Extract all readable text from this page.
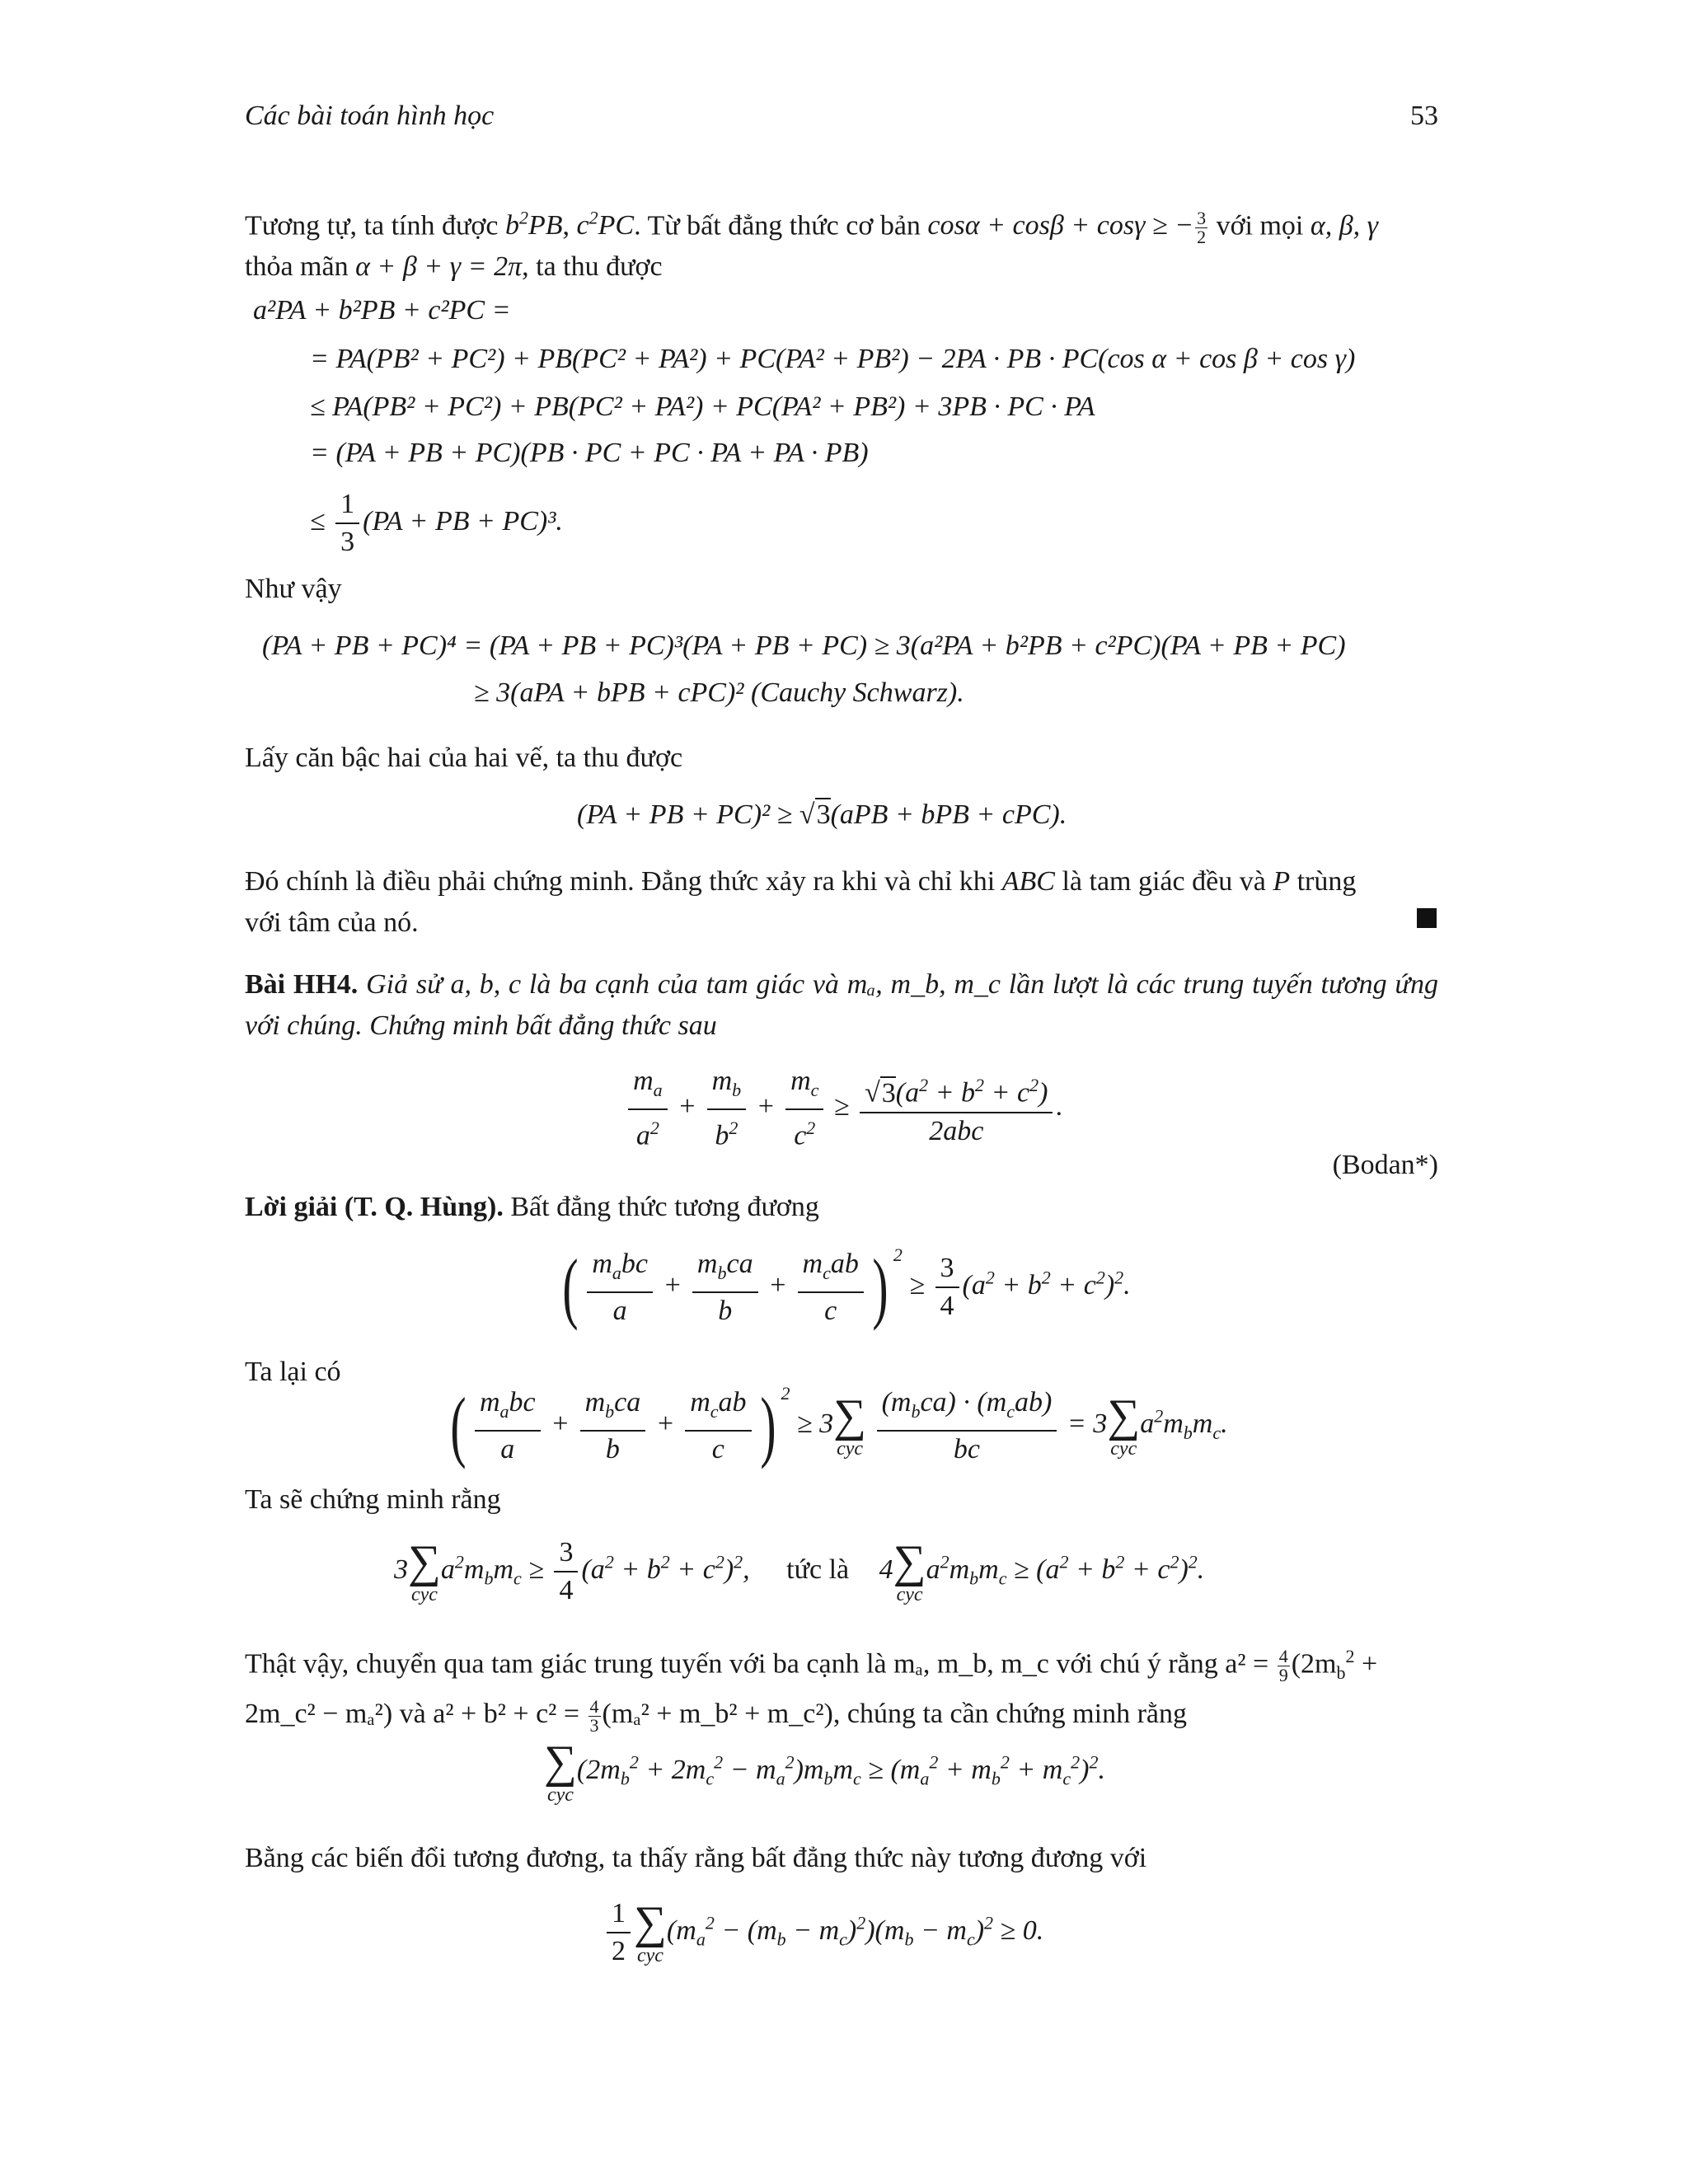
Các bài toán hình học	53
Tương tự, ta tính được $b^2PB$, $c^2PC$. Từ bất đẳng thức cơ bản cosα + cosβ + cosγ ≥ − $\frac{3}{2}$ với mọi α, β, γ
thỏa mãn α + β + γ = 2π, ta thu được
a²PA + b²PB + c²PC =
= PA(PB² + PC²) + PB(PC² + PA²) + PC(PA² + PB²) − 2PA · PB · PC(cos α + cos β + cos γ)
≤ PA(PB² + PC²) + PB(PC² + PA²) + PC(PA² + PB²) + 3PB · PC · PA
= (PA + PB + PC)(PB · PC + PC · PA + PA · PB)
≤ $\frac{1}{3} (PA$ + PB + PC)³.
Như vậy
(PA + PB + PC)⁴ = (PA + PB + PC)³(PA + PB + PC) ≥ 3(a²PA + b²PB + c²PC)(PA + PB + PC)
≥ 3(aPA + bPB + cPC)² (Cauchy Schwarz).
Lấy căn bậc hai của hai vế, ta thu được
(PA + PB + PC)² ≥ √3(aPB + bPB + cPC).
Đó chính là điều phải chứng minh. Đẳng thức xảy ra khi và chỉ khi ABC là tam giác đều và P trùng
với tâm của nó.
Bài HH4. Giả sử a, b, c là ba cạnh của tam giác và mₐ, m_b, m_c lần lượt là các trung tuyến tương ứng với chúng. Chứng minh bất đẳng thức sau
$\frac{m_a}{a^2} + \frac{m_b}{b^2} + \frac{m_c}{c^2} \ge \frac{√3(a^2 + b^2 + c^2)}{\text{2abc}}$ .
(Bodan*)
Lời giải (T. Q. Hùng). Bất đẳng thức tương đương
( $\frac{m_abc}{a} + \frac{m_bca}{b} + \frac{m_cab}{c}$ ) $^2 \ge \frac{3}{4} (a^2 + b^2 + c^2)^2$.
Ta lại có
( $\frac{m_abc}{a} + \frac{m_bca}{b} + \frac{m_cab}{c}$ ) $^2$ ≥ 3 ∑
cyc
$\frac{(m_bca) \cdot (m_cab)}{bc} = 3$ ∑
cyc
$a^2m_bm_c$.
Ta sẽ chứng minh rằng
3 ∑
cyc
$a^2m_bm_c \ge \frac{3}{4} (a^2 + b^2 + c^2)^2$, tức là 4 ∑
cyc
$a^2m_bm_c \ge (a^2 + b^2 + c^2)^2$.
Thật vậy, chuyển qua tam giác trung tuyến với ba cạnh là mₐ, m_b, m_c với chú ý rằng $a^2 = \frac{4}{9} (2m_b^2$ +
2m_c² − mₐ²) và $a^2 + b^2 + c^2 = \frac{4}{3} (m_a^2$ + m_b² + m_c²), chúng ta cần chứng minh rằng
∑
cyc
$(2m_b^2 + 2m_c^2 - m_a^2)m_bm_c \ge (m_a^2 + m_b^2 + m_c^2)^2$.
Bằng các biến đổi tương đương, ta thấy rằng bất đẳng thức này tương đương với
$\frac{1}{2}$ ∑
cyc
$(m_a^2 - (m_b - m_c)^2)(m_b - m_c)^2 \ge 0$.
